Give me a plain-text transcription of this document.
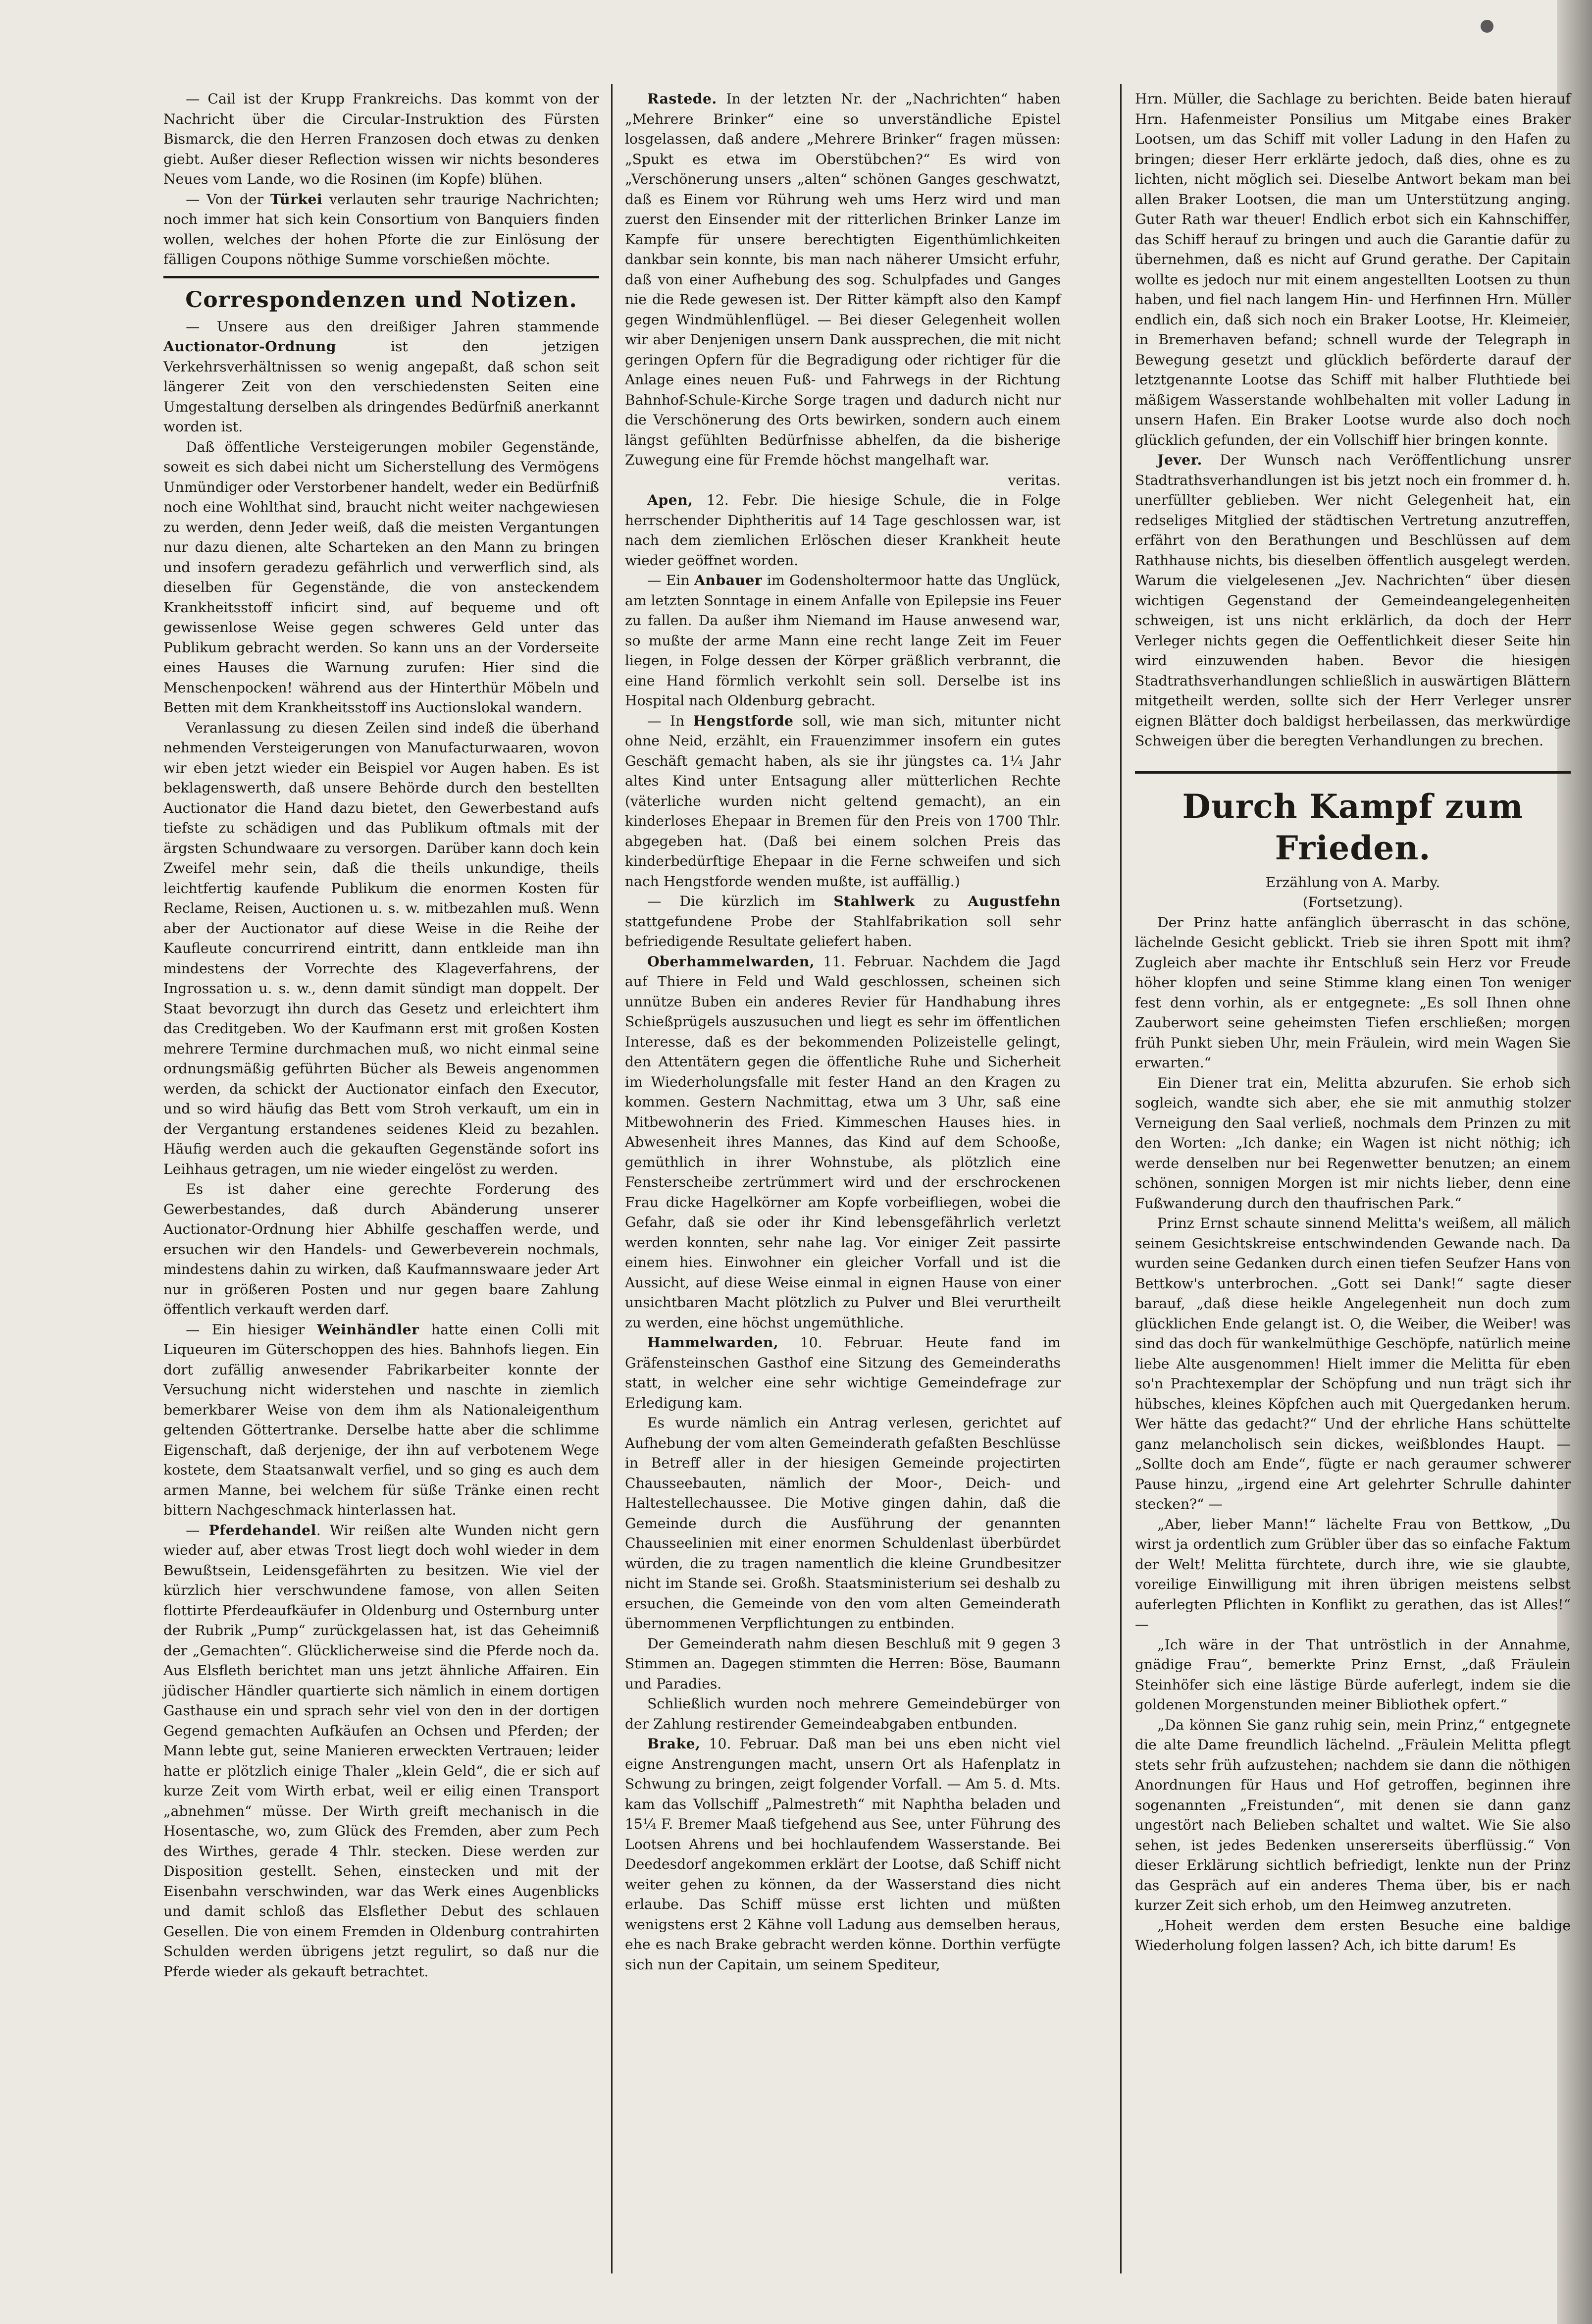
— Cail ist der Krupp Frankreichs. Das kommt von der Nachricht über die Circular-Instruktion des Fürsten Bismarck, die den Herren Franzosen doch etwas zu denken giebt. Außer dieser Reflection wissen wir nichts besonderes Neues vom Lande, wo die Rosinen (im Kopfe) blühen.

— Von der Türkei verlauten sehr traurige Nachrichten; noch immer hat sich kein Consortium von Banquiers finden wollen, welches der hohen Pforte die zur Einlösung der fälligen Coupons nöthige Summe vorschießen möchte.

Correspondenzen und Notizen.

— Unsere aus den dreißiger Jahren stammende Auctionator-Ordnung ist den jetzigen Verkehrsverhältnissen so wenig angepaßt, daß schon seit längerer Zeit von den verschiedensten Seiten eine Umgestaltung derselben als dringendes Bedürfniß anerkannt worden ist.

Daß öffentliche Versteigerungen mobiler Gegenstände, soweit es sich dabei nicht um Sicherstellung des Vermögens Unmündiger oder Verstorbener handelt, weder ein Bedürfniß noch eine Wohlthat sind, braucht nicht weiter nachgewiesen zu werden, denn Jeder weiß, daß die meisten Vergantungen nur dazu dienen, alte Scharteken an den Mann zu bringen und insofern geradezu gefährlich und verwerflich sind, als dieselben für Gegenstände, die von ansteckendem Krankheitsstoff inficirt sind, auf bequeme und oft gewissenlose Weise gegen schweres Geld unter das Publikum gebracht werden. So kann uns an der Vorderseite eines Hauses die Warnung zurufen: Hier sind die Menschenpocken! während aus der Hinterthür Möbeln und Betten mit dem Krankheitsstoff ins Auctionslokal wandern.

Veranlassung zu diesen Zeilen sind indeß die überhand nehmenden Versteigerungen von Manufacturwaaren, wovon wir eben jetzt wieder ein Beispiel vor Augen haben. Es ist beklagenswerth, daß unsere Behörde durch den bestellten Auctionator die Hand dazu bietet, den Gewerbestand aufs tiefste zu schädigen und das Publikum oftmals mit der ärgsten Schundwaare zu versorgen. Darüber kann doch kein Zweifel mehr sein, daß die theils unkundige, theils leichtfertig kaufende Publikum die enormen Kosten für Reclame, Reisen, Auctionen u. s. w. mitbezahlen muß. Wenn aber der Auctionator auf diese Weise in die Reihe der Kaufleute concurrirend eintritt, dann entkleide man ihn mindestens der Vorrechte des Klageverfahrens, der Ingrossation u. s. w., denn damit sündigt man doppelt. Der Staat bevorzugt ihn durch das Gesetz und erleichtert ihm das Creditgeben. Wo der Kaufmann erst mit großen Kosten mehrere Termine durchmachen muß, wo nicht einmal seine ordnungsmäßig geführten Bücher als Beweis angenommen werden, da schickt der Auctionator einfach den Executor, und so wird häufig das Bett vom Stroh verkauft, um ein in der Vergantung erstandenes seidenes Kleid zu bezahlen. Häufig werden auch die gekauften Gegenstände sofort ins Leihhaus getragen, um nie wieder eingelöst zu werden.

Es ist daher eine gerechte Forderung des Gewerbestandes, daß durch Abänderung unserer Auctionator-Ordnung hier Abhilfe geschaffen werde, und ersuchen wir den Handels- und Gewerbeverein nochmals, mindestens dahin zu wirken, daß Kaufmannswaare jeder Art nur in größeren Posten und nur gegen baare Zahlung öffentlich verkauft werden darf.

— Ein hiesiger Weinhändler hatte einen Colli mit Liqueuren im Güterschoppen des hies. Bahnhofs liegen. Ein dort zufällig anwesender Fabrikarbeiter konnte der Versuchung nicht widerstehen und naschte in ziemlich bemerkbarer Weise von dem ihm als Nationaleigenthum geltenden Göttertranke. Derselbe hatte aber die schlimme Eigenschaft, daß derjenige, der ihn auf verbotenem Wege kostete, dem Staatsanwalt verfiel, und so ging es auch dem armen Manne, bei welchem für süße Tränke einen recht bittern Nachgeschmack hinterlassen hat.

— Pferdehandel. Wir reißen alte Wunden nicht gern wieder auf, aber etwas Trost liegt doch wohl wieder in dem Bewußtsein, Leidensgefährten zu besitzen. Wie viel der kürzlich hier verschwundene famose, von allen Seiten flottirte Pferdeaufkäufer in Oldenburg und Osternburg unter der Rubrik „Pump“ zurückgelassen hat, ist das Geheimniß der „Gemachten“. Glücklicherweise sind die Pferde noch da. Aus Elsfleth berichtet man uns jetzt ähnliche Affairen. Ein jüdischer Händler quartierte sich nämlich in einem dortigen Gasthause ein und sprach sehr viel von den in der dortigen Gegend gemachten Aufkäufen an Ochsen und Pferden; der Mann lebte gut, seine Manieren erweckten Vertrauen; leider hatte er plötzlich einige Thaler „klein Geld“, die er sich auf kurze Zeit vom Wirth erbat, weil er eilig einen Transport „abnehmen“ müsse. Der Wirth greift mechanisch in die Hosentasche, wo, zum Glück des Fremden, aber zum Pech des Wirthes, gerade 4 Thlr. stecken. Diese werden zur Disposition gestellt. Sehen, einstecken und mit der Eisenbahn verschwinden, war das Werk eines Augenblicks und damit schloß das Elsflether Debut des schlauen Gesellen. Die von einem Fremden in Oldenburg contrahirten Schulden werden übrigens jetzt regulirt, so daß nur die Pferde wieder als gekauft betrachtet.

Rastede. In der letzten Nr. der „Nachrichten“ haben „Mehrere Brinker“ eine so unverständliche Epistel losgelassen, daß andere „Mehrere Brinker“ fragen müssen: „Spukt es etwa im Oberstübchen?“ Es wird von „Verschönerung unsers „alten“ schönen Ganges geschwatzt, daß es Einem vor Rührung weh ums Herz wird und man zuerst den Einsender mit der ritterlichen Brinker Lanze im Kampfe für unsere berechtigten Eigenthümlichkeiten dankbar sein konnte, bis man nach näherer Umsicht erfuhr, daß von einer Aufhebung des sog. Schulpfades und Ganges nie die Rede gewesen ist. Der Ritter kämpft also den Kampf gegen Windmühlenflügel. — Bei dieser Gelegenheit wollen wir aber Denjenigen unsern Dank aussprechen, die mit nicht geringen Opfern für die Begradigung oder richtiger für die Anlage eines neuen Fuß- und Fahrwegs in der Richtung Bahnhof-Schule-Kirche Sorge tragen und dadurch nicht nur die Verschönerung des Orts bewirken, sondern auch einem längst gefühlten Bedürfnisse abhelfen, da die bisherige Zuwegung eine für Fremde höchst mangelhaft war.

veritas.

Apen, 12. Febr. Die hiesige Schule, die in Folge herrschender Diphtheritis auf 14 Tage geschlossen war, ist nach dem ziemlichen Erlöschen dieser Krankheit heute wieder geöffnet worden.

— Ein Anbauer im Godensholtermoor hatte das Unglück, am letzten Sonntage in einem Anfalle von Epilepsie ins Feuer zu fallen. Da außer ihm Niemand im Hause anwesend war, so mußte der arme Mann eine recht lange Zeit im Feuer liegen, in Folge dessen der Körper gräßlich verbrannt, die eine Hand förmlich verkohlt sein soll. Derselbe ist ins Hospital nach Oldenburg gebracht.

— In Hengstforde soll, wie man sich, mitunter nicht ohne Neid, erzählt, ein Frauenzimmer insofern ein gutes Geschäft gemacht haben, als sie ihr jüngstes ca. 1¼ Jahr altes Kind unter Entsagung aller mütterlichen Rechte (väterliche wurden nicht geltend gemacht), an ein kinderloses Ehepaar in Bremen für den Preis von 1700 Thlr. abgegeben hat. (Daß bei einem solchen Preis das kinderbedürftige Ehepaar in die Ferne schweifen und sich nach Hengstforde wenden mußte, ist auffällig.)

— Die kürzlich im Stahlwerk zu Augustfehn stattgefundene Probe der Stahlfabrikation soll sehr befriedigende Resultate geliefert haben.

Oberhammelwarden, 11. Februar. Nachdem die Jagd auf Thiere in Feld und Wald geschlossen, scheinen sich unnütze Buben ein anderes Revier für Handhabung ihres Schießprügels auszusuchen und liegt es sehr im öffentlichen Interesse, daß es der bekommenden Polizeistelle gelingt, den Attentätern gegen die öffentliche Ruhe und Sicherheit im Wiederholungsfalle mit fester Hand an den Kragen zu kommen. Gestern Nachmittag, etwa um 3 Uhr, saß eine Mitbewohnerin des Fried. Kimmeschen Hauses hies. in Abwesenheit ihres Mannes, das Kind auf dem Schooße, gemüthlich in ihrer Wohnstube, als plötzlich eine Fensterscheibe zertrümmert wird und der erschrockenen Frau dicke Hagelkörner am Kopfe vorbeifliegen, wobei die Gefahr, daß sie oder ihr Kind lebensgefährlich verletzt werden konnten, sehr nahe lag. Vor einiger Zeit passirte einem hies. Einwohner ein gleicher Vorfall und ist die Aussicht, auf diese Weise einmal in eignen Hause von einer unsichtbaren Macht plötzlich zu Pulver und Blei verurtheilt zu werden, eine höchst ungemüthliche.

Hammelwarden, 10. Februar. Heute fand im Gräfensteinschen Gasthof eine Sitzung des Gemeinderaths statt, in welcher eine sehr wichtige Gemeindefrage zur Erledigung kam.

Es wurde nämlich ein Antrag verlesen, gerichtet auf Aufhebung der vom alten Gemeinderath gefaßten Beschlüsse in Betreff aller in der hiesigen Gemeinde projectirten Chausseebauten, nämlich der Moor-, Deich- und Haltestellechaussee. Die Motive gingen dahin, daß die Gemeinde durch die Ausführung der genannten Chausseelinien mit einer enormen Schuldenlast überbürdet würden, die zu tragen namentlich die kleine Grundbesitzer nicht im Stande sei. Großh. Staatsministerium sei deshalb zu ersuchen, die Gemeinde von den vom alten Gemeinderath übernommenen Verpflichtungen zu entbinden.

Der Gemeinderath nahm diesen Beschluß mit 9 gegen 3 Stimmen an. Dagegen stimmten die Herren: Böse, Baumann und Paradies.

Schließlich wurden noch mehrere Gemeindebürger von der Zahlung restirender Gemeindeabgaben entbunden.

Brake, 10. Februar. Daß man bei uns eben nicht viel eigne Anstrengungen macht, unsern Ort als Hafenplatz in Schwung zu bringen, zeigt folgender Vorfall. — Am 5. d. Mts. kam das Vollschiff „Palmestreth“ mit Naphtha beladen und 15¼ F. Bremer Maaß tiefgehend aus See, unter Führung des Lootsen Ahrens und bei hochlaufendem Wasserstande. Bei Deedesdorf angekommen erklärt der Lootse, daß Schiff nicht weiter gehen zu können, da der Wasserstand dies nicht erlaube. Das Schiff müsse erst lichten und müßten wenigstens erst 2 Kähne voll Ladung aus demselben heraus, ehe es nach Brake gebracht werden könne. Dorthin verfügte sich nun der Capitain, um seinem Spediteur,

Hrn. Müller, die Sachlage zu berichten. Beide baten hierauf Hrn. Hafenmeister Ponsilius um Mitgabe eines Braker Lootsen, um das Schiff mit voller Ladung in den Hafen zu bringen; dieser Herr erklärte jedoch, daß dies, ohne es zu lichten, nicht möglich sei. Dieselbe Antwort bekam man bei allen Braker Lootsen, die man um Unterstützung anging. Guter Rath war theuer! Endlich erbot sich ein Kahnschiffer, das Schiff herauf zu bringen und auch die Garantie dafür zu übernehmen, daß es nicht auf Grund gerathe. Der Capitain wollte es jedoch nur mit einem angestellten Lootsen zu thun haben, und fiel nach langem Hin- und Herfinnen Hrn. Müller endlich ein, daß sich noch ein Braker Lootse, Hr. Kleimeier, in Bremerhaven befand; schnell wurde der Telegraph in Bewegung gesetzt und glücklich beförderte darauf der letztgenannte Lootse das Schiff mit halber Fluthtiede bei mäßigem Wasserstande wohlbehalten mit voller Ladung in unsern Hafen. Ein Braker Lootse wurde also doch noch glücklich gefunden, der ein Vollschiff hier bringen konnte.

Jever. Der Wunsch nach Veröffentlichung unsrer Stadtrathsverhandlungen ist bis jetzt noch ein frommer d. h. unerfüllter geblieben. Wer nicht Gelegenheit hat, ein redseliges Mitglied der städtischen Vertretung anzutreffen, erfährt von den Berathungen und Beschlüssen auf dem Rathhause nichts, bis dieselben öffentlich ausgelegt werden. Warum die vielgelesenen „Jev. Nachrichten“ über diesen wichtigen Gegenstand der Gemeindeangelegenheiten schweigen, ist uns nicht erklärlich, da doch der Herr Verleger nichts gegen die Oeffentlichkeit dieser Seite hin wird einzuwenden haben. Bevor die hiesigen Stadtrathsverhandlungen schließlich in auswärtigen Blättern mitgetheilt werden, sollte sich der Herr Verleger unsrer eignen Blätter doch baldigst herbeilassen, das merkwürdige Schweigen über die beregten Verhandlungen zu brechen.

Durch Kampf zum Frieden.

Erzählung von A. Marby.

(Fortsetzung).

Der Prinz hatte anfänglich überrascht in das schöne, lächelnde Gesicht geblickt. Trieb sie ihren Spott mit ihm? Zugleich aber machte ihr Entschluß sein Herz vor Freude höher klopfen und seine Stimme klang einen Ton weniger fest denn vorhin, als er entgegnete: „Es soll Ihnen ohne Zauberwort seine geheimsten Tiefen erschließen; morgen früh Punkt sieben Uhr, mein Fräulein, wird mein Wagen Sie erwarten.“

Ein Diener trat ein, Melitta abzurufen. Sie erhob sich sogleich, wandte sich aber, ehe sie mit anmuthig stolzer Verneigung den Saal verließ, nochmals dem Prinzen zu mit den Worten: „Ich danke; ein Wagen ist nicht nöthig; ich werde denselben nur bei Regenwetter benutzen; an einem schönen, sonnigen Morgen ist mir nichts lieber, denn eine Fußwanderung durch den thaufrischen Park.“

Prinz Ernst schaute sinnend Melitta's weißem, all mälich seinem Gesichtskreise entschwindenden Gewande nach. Da wurden seine Gedanken durch einen tiefen Seufzer Hans von Bettkow's unterbrochen. „Gott sei Dank!“ sagte dieser barauf, „daß diese heikle Angelegenheit nun doch zum glücklichen Ende gelangt ist. O, die Weiber, die Weiber! was sind das doch für wankelmüthige Geschöpfe, natürlich meine liebe Alte ausgenommen! Hielt immer die Melitta für eben so'n Prachtexemplar der Schöpfung und nun trägt sich ihr hübsches, kleines Köpfchen auch mit Quergedanken herum. Wer hätte das gedacht?“ Und der ehrliche Hans schüttelte ganz melancholisch sein dickes, weißblondes Haupt. — „Sollte doch am Ende“, fügte er nach geraumer schwerer Pause hinzu, „irgend eine Art gelehrter Schrulle dahinter stecken?“ —

„Aber, lieber Mann!“ lächelte Frau von Bettkow, „Du wirst ja ordentlich zum Grübler über das so einfache Faktum der Welt! Melitta fürchtete, durch ihre, wie sie glaubte, voreilige Einwilligung mit ihren übrigen meistens selbst auferlegten Pflichten in Konflikt zu gerathen, das ist Alles!“ —

„Ich wäre in der That untröstlich in der Annahme, gnädige Frau“, bemerkte Prinz Ernst, „daß Fräulein Steinhöfer sich eine lästige Bürde auferlegt, indem sie die goldenen Morgenstunden meiner Bibliothek opfert.“

„Da können Sie ganz ruhig sein, mein Prinz,“ entgegnete die alte Dame freundlich lächelnd. „Fräulein Melitta pflegt stets sehr früh aufzustehen; nachdem sie dann die nöthigen Anordnungen für Haus und Hof getroffen, beginnen ihre sogenannten „Freistunden“, mit denen sie dann ganz ungestört nach Belieben schaltet und waltet. Wie Sie also sehen, ist jedes Bedenken unsererseits überflüssig.“ Von dieser Erklärung sichtlich befriedigt, lenkte nun der Prinz das Gespräch auf ein anderes Thema über, bis er nach kurzer Zeit sich erhob, um den Heimweg anzutreten.

„Hoheit werden dem ersten Besuche eine baldige Wiederholung folgen lassen? Ach, ich bitte darum! Es
